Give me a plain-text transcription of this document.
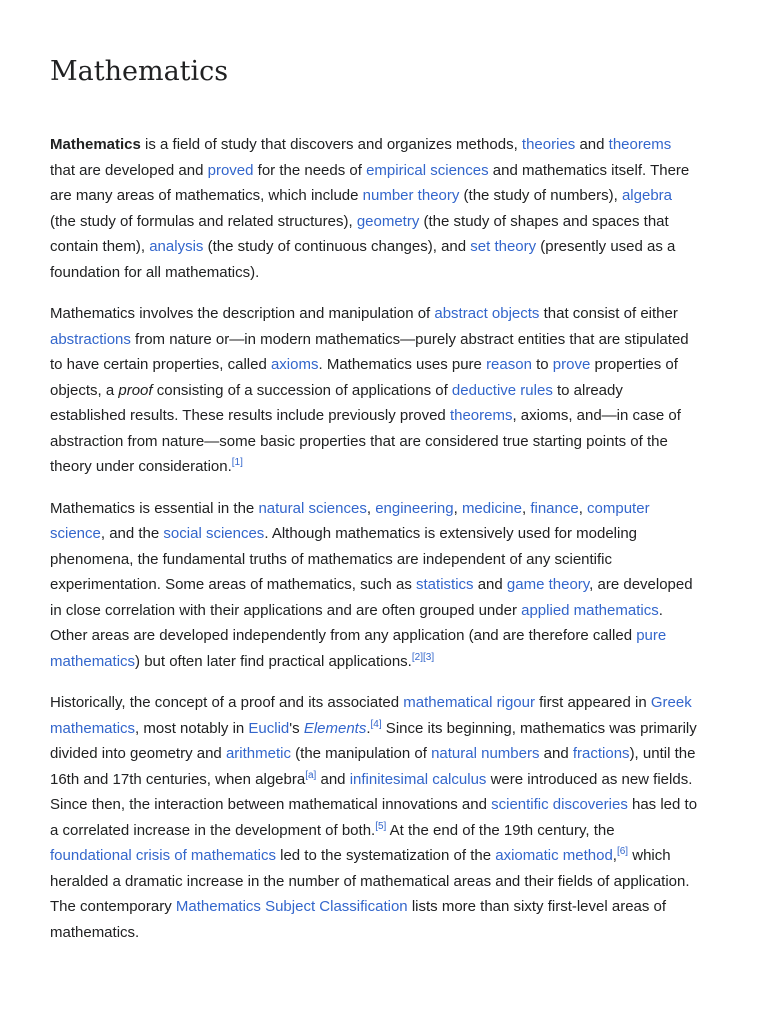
Mathematics

Mathematics is a field of study that discovers and organizes methods, theories and theorems that are developed and proved for the needs of empirical sciences and mathematics itself. There are many areas of mathematics, which include number theory (the study of numbers), algebra (the study of formulas and related structures), geometry (the study of shapes and spaces that contain them), analysis (the study of continuous changes), and set theory (presently used as a foundation for all mathematics).

Mathematics involves the description and manipulation of abstract objects that consist of either abstractions from nature or—in modern mathematics—purely abstract entities that are stipulated to have certain properties, called axioms. Mathematics uses pure reason to prove properties of objects, a proof consisting of a succession of applications of deductive rules to already established results. These results include previously proved theorems, axioms, and—in case of abstraction from nature—some basic properties that are considered true starting points of the theory under consideration.[1]

Mathematics is essential in the natural sciences, engineering, medicine, finance, computer science, and the social sciences. Although mathematics is extensively used for modeling phenomena, the fundamental truths of mathematics are independent of any scientific experimentation. Some areas of mathematics, such as statistics and game theory, are developed in close correlation with their applications and are often grouped under applied mathematics. Other areas are developed independently from any application (and are therefore called pure mathematics) but often later find practical applications.[2][3]

Historically, the concept of a proof and its associated mathematical rigour first appeared in Greek mathematics, most notably in Euclid's Elements.[4] Since its beginning, mathematics was primarily divided into geometry and arithmetic (the manipulation of natural numbers and fractions), until the 16th and 17th centuries, when algebra[a] and infinitesimal calculus were introduced as new fields. Since then, the interaction between mathematical innovations and scientific discoveries has led to a correlated increase in the development of both.[5] At the end of the 19th century, the foundational crisis of mathematics led to the systematization of the axiomatic method,[6] which heralded a dramatic increase in the number of mathematical areas and their fields of application. The contemporary Mathematics Subject Classification lists more than sixty first-level areas of mathematics.
